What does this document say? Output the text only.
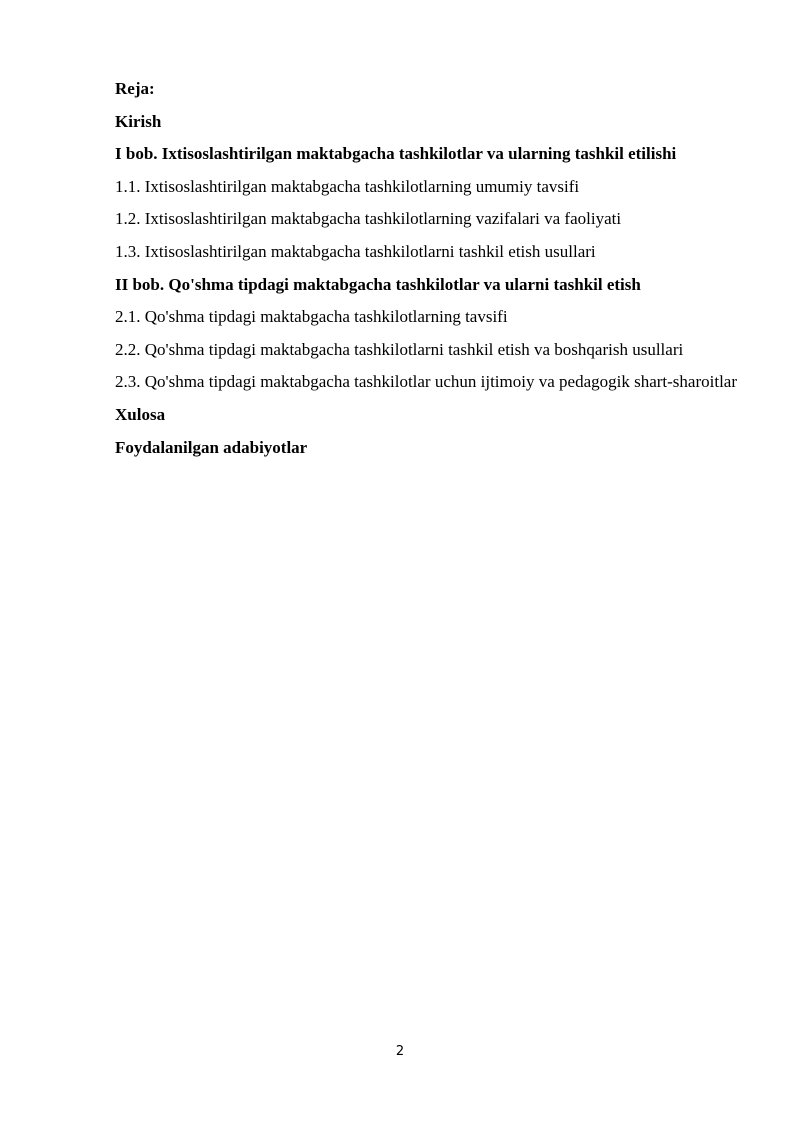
Reja:
Kirish
I bob. Ixtisoslashtirilgan maktabgacha tashkilotlar va ularning tashkil etilishi
1.1. Ixtisoslashtirilgan maktabgacha tashkilotlarning umumiy tavsifi
1.2. Ixtisoslashtirilgan maktabgacha tashkilotlarning vazifalari va faoliyati
1.3. Ixtisoslashtirilgan maktabgacha tashkilotlarni tashkil etish usullari
II bob. Qo'shma tipdagi maktabgacha tashkilotlar va ularni tashkil etish
2.1. Qo'shma tipdagi maktabgacha tashkilotlarning tavsifi
2.2. Qo'shma tipdagi maktabgacha tashkilotlarni tashkil etish va boshqarish usullari
2.3. Qo'shma tipdagi maktabgacha tashkilotlar uchun ijtimoiy va pedagogik shart-sharoitlar
Xulosa
Foydalanilgan adabiyotlar
2
